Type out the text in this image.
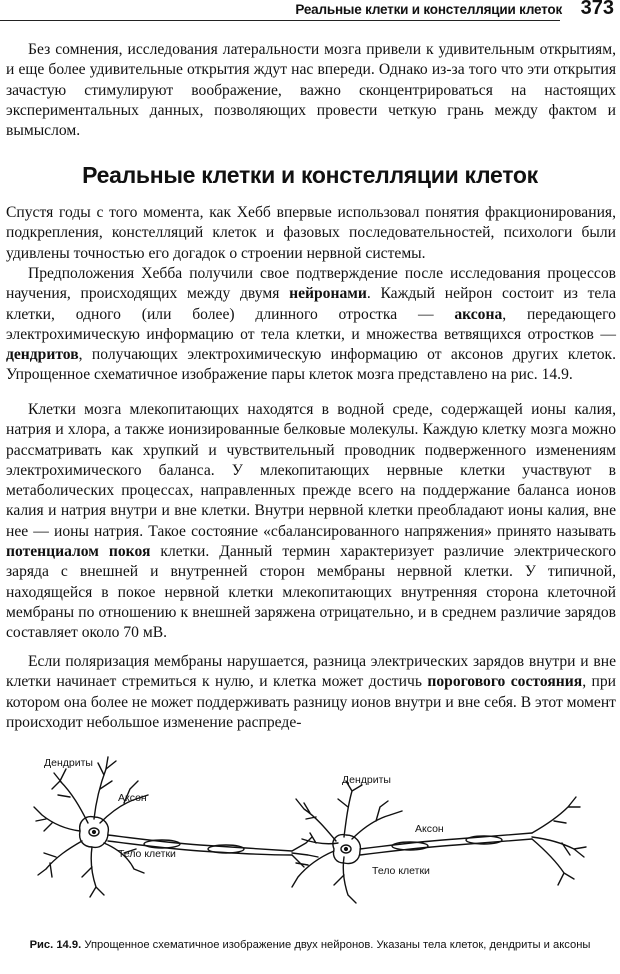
Реальные клетки и констелляции клеток 373

Без сомнения, исследования латеральности мозга привели к удивительным открытиям, и еще более удивительные открытия ждут нас впереди. Однако из-за того что эти открытия зачастую стимулируют воображение, важно сконцентрироваться на настоящих экспериментальных данных, позволяющих провести четкую грань между фактом и вымыслом.

Реальные клетки и констелляции клеток

Спустя годы с того момента, как Хебб впервые использовал понятия фракционирования, подкрепления, констелляций клеток и фазовых последовательностей, психологи были удивлены точностью его догадок о строении нервной системы.

Предположения Хебба получили свое подтверждение после исследования процессов научения, происходящих между двумя нейронами. Каждый нейрон состоит из тела клетки, одного (или более) длинного отростка — аксона, передающего электрохимическую информацию от тела клетки, и множества ветвящихся отростков — дендритов, получающих электрохимическую информацию от аксонов других клеток. Упрощенное схематичное изображение пары клеток мозга представлено на рис. 14.9.

Клетки мозга млекопитающих находятся в водной среде, содержащей ионы калия, натрия и хлора, а также ионизированные белковые молекулы. Каждую клетку мозга можно рассматривать как хрупкий и чувствительный проводник подверженного изменениям электрохимического баланса. У млекопитающих нервные клетки участвуют в метаболических процессах, направленных прежде всего на поддержание баланса ионов калия и натрия внутри и вне клетки. Внутри нервной клетки преобладают ионы калия, вне нее — ионы натрия. Такое состояние «сбалансированного напряжения» принято называть потенциалом покоя клетки. Данный термин характеризует различие электрического заряда с внешней и внутренней сторон мембраны нервной клетки. У типичной, находящейся в покое нервной клетки млекопитающих внутренняя сторона клеточной мембраны по отношению к внешней заряжена отрицательно, и в среднем различие зарядов составляет около 70 мВ.

Если поляризация мембраны нарушается, разница электрических зарядов внутри и вне клетки начинает стремиться к нулю, и клетка может достичь порогового состояния, при котором она более не может поддерживать разницу ионов внутри и вне себя. В этот момент происходит небольшое изменение распреде-

Дендриты
Аксон
Тело клетки
Дендриты
Аксон
Тело клетки
Рис. 14.9. Упрощенное схематичное изображение двух нейронов. Указаны тела клеток, дендриты и аксоны
